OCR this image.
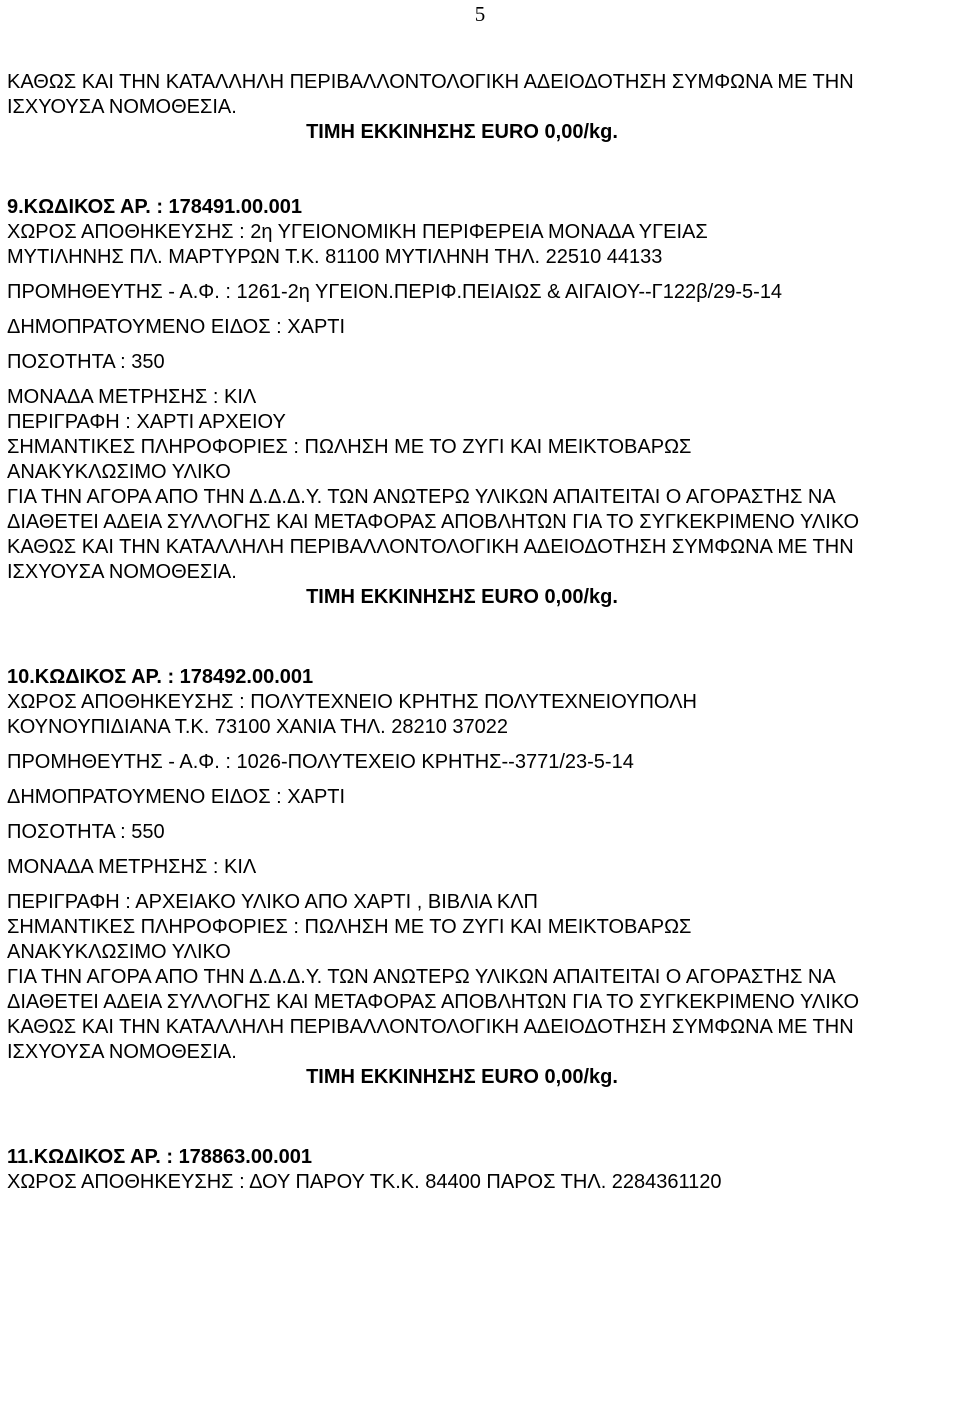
5
ΚΑΘΩΣ ΚΑΙ ΤΗΝ ΚΑΤΑΛΛΗΛΗ ΠΕΡΙΒΑΛΛΟΝΤΟΛΟΓΙΚΗ ΑΔΕΙΟΔΟΤΗΣΗ ΣΥΜΦΩΝΑ ΜΕ ΤΗΝ
ΙΣΧΥΟΥΣΑ ΝΟΜΟΘΕΣΙΑ.
ΤΙΜΗ ΕΚΚΙΝΗΣΗΣ EURO 0,00/kg.
9.ΚΩΔΙΚΟΣ ΑΡ. : 178491.00.001
ΧΩΡΟΣ ΑΠΟΘΗΚΕΥΣΗΣ : 2η ΥΓΕΙΟΝΟΜΙΚΗ ΠΕΡΙΦΕΡΕΙΑ ΜΟΝΑΔΑ ΥΓΕΙΑΣ
ΜΥΤΙΛΗΝΗΣ ΠΛ. ΜΑΡΤΥΡΩΝ Τ.Κ. 81100 ΜΥΤΙΛΗΝΗ ΤΗΛ. 22510 44133
ΠΡΟΜΗΘΕΥΤΗΣ - Α.Φ. : 1261-2η ΥΓΕΙΟΝ.ΠΕΡΙΦ.ΠΕΙΑΙΩΣ & ΑΙΓΑΙΟΥ--Γ122β/29-5-14
ΔΗΜΟΠΡΑΤΟΥΜΕΝΟ ΕΙΔΟΣ : ΧΑΡΤΙ
ΠΟΣΟΤΗΤΑ : 350
ΜΟΝΑΔΑ ΜΕΤΡΗΣΗΣ : ΚΙΛ
ΠΕΡΙΓΡΑΦΗ : ΧΑΡΤΙ ΑΡΧΕΙΟΥ
ΣΗΜΑΝΤΙΚΕΣ ΠΛΗΡΟΦΟΡΙΕΣ : ΠΩΛΗΣΗ ΜΕ ΤΟ ΖΥΓΙ ΚΑΙ ΜΕΙΚΤΟΒΑΡΩΣ
ΑΝΑΚΥΚΛΩΣΙΜΟ ΥΛΙΚΟ
ΓΙΑ ΤΗΝ ΑΓΟΡΑ ΑΠΟ ΤΗΝ Δ.Δ.Δ.Υ. ΤΩΝ ΑΝΩΤΕΡΩ ΥΛΙΚΩΝ ΑΠΑΙΤΕΙΤΑΙ Ο ΑΓΟΡΑΣΤΗΣ ΝΑ
ΔΙΑΘΕΤΕΙ ΑΔΕΙΑ ΣΥΛΛΟΓΗΣ ΚΑΙ ΜΕΤΑΦΟΡΑΣ ΑΠΟΒΛΗΤΩΝ ΓΙΑ ΤΟ ΣΥΓΚΕΚΡΙΜΕΝΟ ΥΛΙΚΟ
ΚΑΘΩΣ ΚΑΙ ΤΗΝ ΚΑΤΑΛΛΗΛΗ ΠΕΡΙΒΑΛΛΟΝΤΟΛΟΓΙΚΗ ΑΔΕΙΟΔΟΤΗΣΗ ΣΥΜΦΩΝΑ ΜΕ ΤΗΝ
ΙΣΧΥΟΥΣΑ ΝΟΜΟΘΕΣΙΑ.
ΤΙΜΗ ΕΚΚΙΝΗΣΗΣ EURO 0,00/kg.
10.ΚΩΔΙΚΟΣ ΑΡ. : 178492.00.001
ΧΩΡΟΣ ΑΠΟΘΗΚΕΥΣΗΣ : ΠΟΛΥΤΕΧΝΕΙΟ ΚΡΗΤΗΣ ΠΟΛΥΤΕΧΝΕΙΟΥΠΟΛΗ
ΚΟΥΝΟΥΠΙΔΙΑΝΑ Τ.Κ. 73100 ΧΑΝΙΑ ΤΗΛ. 28210 37022
ΠΡΟΜΗΘΕΥΤΗΣ - Α.Φ. : 1026-ΠΟΛΥΤΕΧΕΙΟ ΚΡΗΤΗΣ--3771/23-5-14
ΔΗΜΟΠΡΑΤΟΥΜΕΝΟ ΕΙΔΟΣ : ΧΑΡΤΙ
ΠΟΣΟΤΗΤΑ : 550
ΜΟΝΑΔΑ ΜΕΤΡΗΣΗΣ : ΚΙΛ
ΠΕΡΙΓΡΑΦΗ : ΑΡΧΕΙΑΚΟ ΥΛΙΚΟ ΑΠΟ ΧΑΡΤΙ , ΒΙΒΛΙΑ ΚΛΠ
ΣΗΜΑΝΤΙΚΕΣ ΠΛΗΡΟΦΟΡΙΕΣ : ΠΩΛΗΣΗ ΜΕ ΤΟ ΖΥΓΙ ΚΑΙ ΜΕΙΚΤΟΒΑΡΩΣ
ΑΝΑΚΥΚΛΩΣΙΜΟ ΥΛΙΚΟ
ΓΙΑ ΤΗΝ ΑΓΟΡΑ ΑΠΟ ΤΗΝ Δ.Δ.Δ.Υ. ΤΩΝ ΑΝΩΤΕΡΩ ΥΛΙΚΩΝ ΑΠΑΙΤΕΙΤΑΙ Ο ΑΓΟΡΑΣΤΗΣ ΝΑ
ΔΙΑΘΕΤΕΙ ΑΔΕΙΑ ΣΥΛΛΟΓΗΣ ΚΑΙ ΜΕΤΑΦΟΡΑΣ ΑΠΟΒΛΗΤΩΝ ΓΙΑ ΤΟ ΣΥΓΚΕΚΡΙΜΕΝΟ ΥΛΙΚΟ
ΚΑΘΩΣ ΚΑΙ ΤΗΝ ΚΑΤΑΛΛΗΛΗ ΠΕΡΙΒΑΛΛΟΝΤΟΛΟΓΙΚΗ ΑΔΕΙΟΔΟΤΗΣΗ ΣΥΜΦΩΝΑ ΜΕ ΤΗΝ
ΙΣΧΥΟΥΣΑ ΝΟΜΟΘΕΣΙΑ.
ΤΙΜΗ ΕΚΚΙΝΗΣΗΣ EURO 0,00/kg.
11.ΚΩΔΙΚΟΣ ΑΡ. : 178863.00.001
ΧΩΡΟΣ ΑΠΟΘΗΚΕΥΣΗΣ : ΔΟΥ ΠΑΡΟΥ ΤΚ.Κ. 84400 ΠΑΡΟΣ ΤΗΛ. 2284361120
